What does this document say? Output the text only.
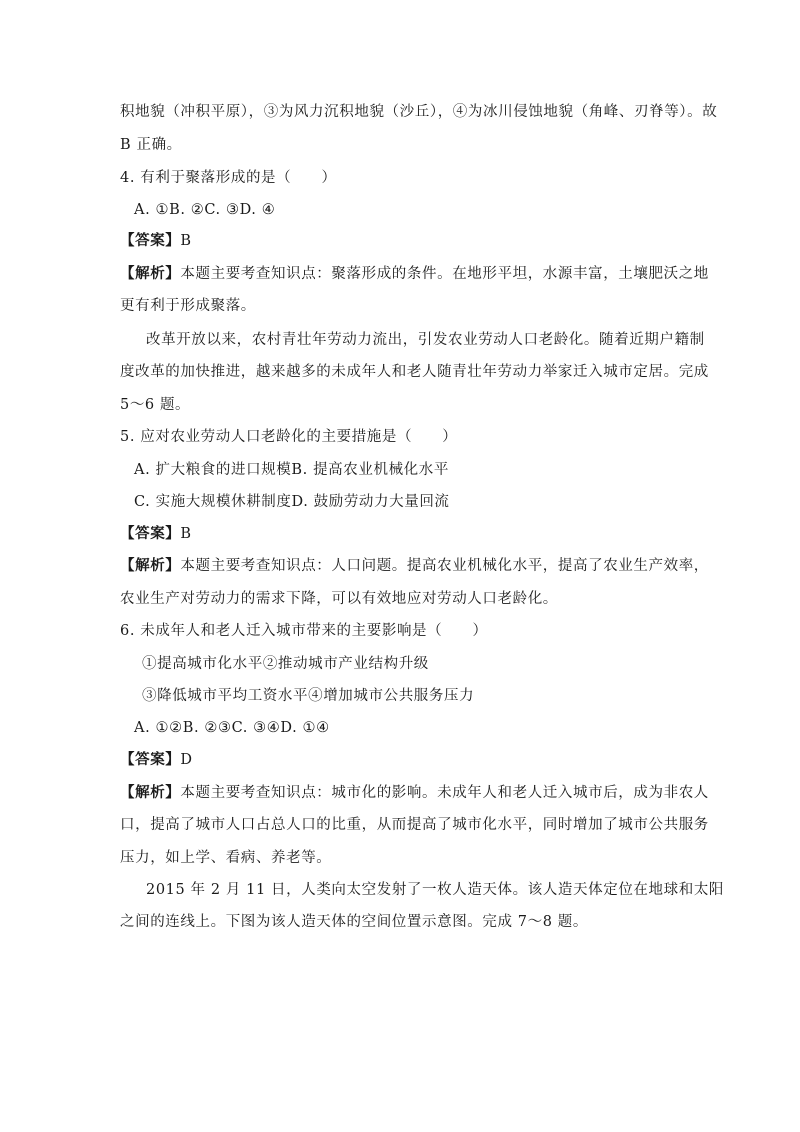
积地貌（冲积平原），③为风力沉积地貌（沙丘），④为冰川侵蚀地貌（角峰、刃脊等）。故
B 正确。
4. 有利于聚落形成的是（　　）
A. ①B. ②C. ③D. ④
【答案】B
【解析】本题主要考查知识点：聚落形成的条件。在地形平坦，水源丰富，土壤肥沃之地
更有利于形成聚落。
改革开放以来，农村青壮年劳动力流出，引发农业劳动人口老龄化。随着近期户籍制
度改革的加快推进，越来越多的未成年人和老人随青壮年劳动力举家迁入城市定居。完成
5～6 题。
5. 应对农业劳动人口老龄化的主要措施是（　　）
A. 扩大粮食的进口规模B. 提高农业机械化水平
C. 实施大规模休耕制度D. 鼓励劳动力大量回流
【答案】B
【解析】本题主要考查知识点：人口问题。提高农业机械化水平，提高了农业生产效率，
农业生产对劳动力的需求下降，可以有效地应对劳动人口老龄化。
6. 未成年人和老人迁入城市带来的主要影响是（　　）
①提高城市化水平②推动城市产业结构升级
③降低城市平均工资水平④增加城市公共服务压力
A. ①②B. ②③C. ③④D. ①④
【答案】D
【解析】本题主要考查知识点：城市化的影响。未成年人和老人迁入城市后，成为非农人
口，提高了城市人口占总人口的比重，从而提高了城市化水平，同时增加了城市公共服务
压力，如上学、看病、养老等。
2015 年 2 月 11 日，人类向太空发射了一枚人造天体。该人造天体定位在地球和太阳
之间的连线上。下图为该人造天体的空间位置示意图。完成 7～8 题。
